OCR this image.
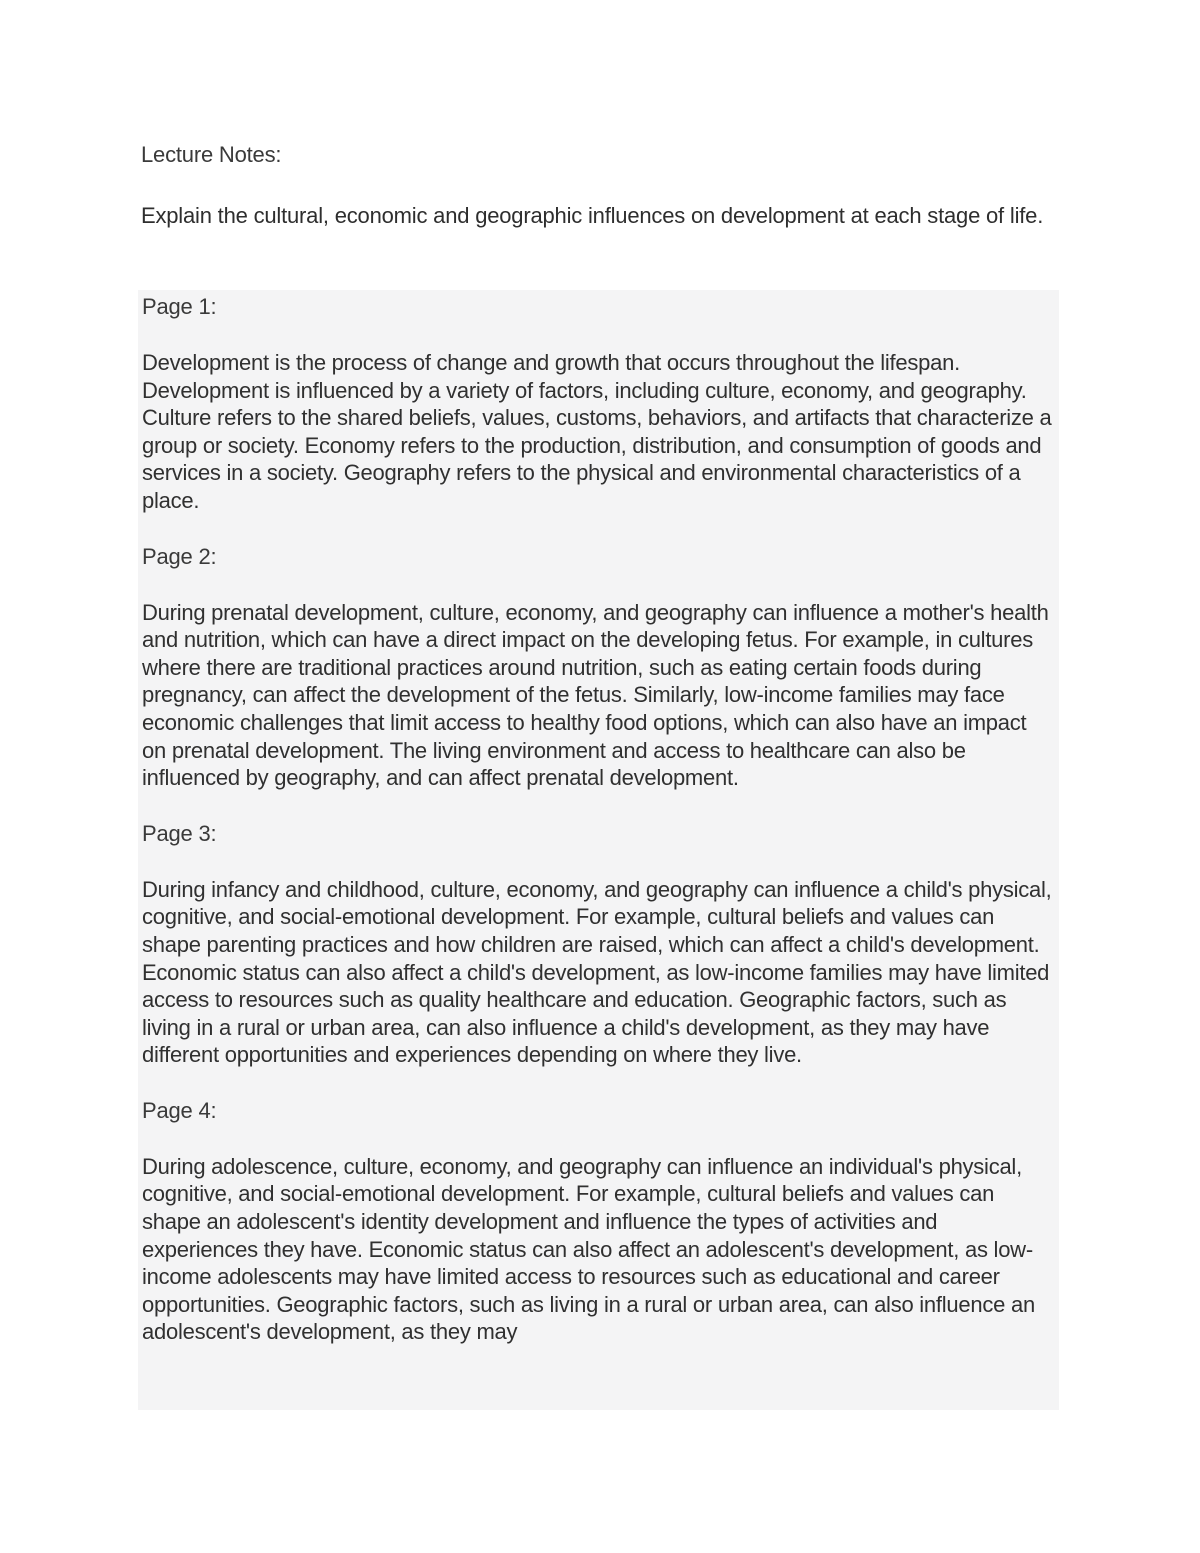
Lecture Notes:
Explain the cultural, economic and geographic influences on development at each stage of life.
Page 1:

Development is the process of change and growth that occurs throughout the lifespan. Development is influenced by a variety of factors, including culture, economy, and geography. Culture refers to the shared beliefs, values, customs, behaviors, and artifacts that characterize a group or society. Economy refers to the production, distribution, and consumption of goods and services in a society. Geography refers to the physical and environmental characteristics of a place.

Page 2:

During prenatal development, culture, economy, and geography can influence a mother's health and nutrition, which can have a direct impact on the developing fetus. For example, in cultures where there are traditional practices around nutrition, such as eating certain foods during pregnancy, can affect the development of the fetus. Similarly, low-income families may face economic challenges that limit access to healthy food options, which can also have an impact on prenatal development. The living environment and access to healthcare can also be influenced by geography, and can affect prenatal development.

Page 3:

During infancy and childhood, culture, economy, and geography can influence a child's physical, cognitive, and social-emotional development. For example, cultural beliefs and values can shape parenting practices and how children are raised, which can affect a child's development. Economic status can also affect a child's development, as low-income families may have limited access to resources such as quality healthcare and education. Geographic factors, such as living in a rural or urban area, can also influence a child's development, as they may have different opportunities and experiences depending on where they live.

Page 4:

During adolescence, culture, economy, and geography can influence an individual's physical, cognitive, and social-emotional development. For example, cultural beliefs and values can shape an adolescent's identity development and influence the types of activities and experiences they have. Economic status can also affect an adolescent's development, as low-income adolescents may have limited access to resources such as educational and career opportunities. Geographic factors, such as living in a rural or urban area, can also influence an adolescent's development, as they may
